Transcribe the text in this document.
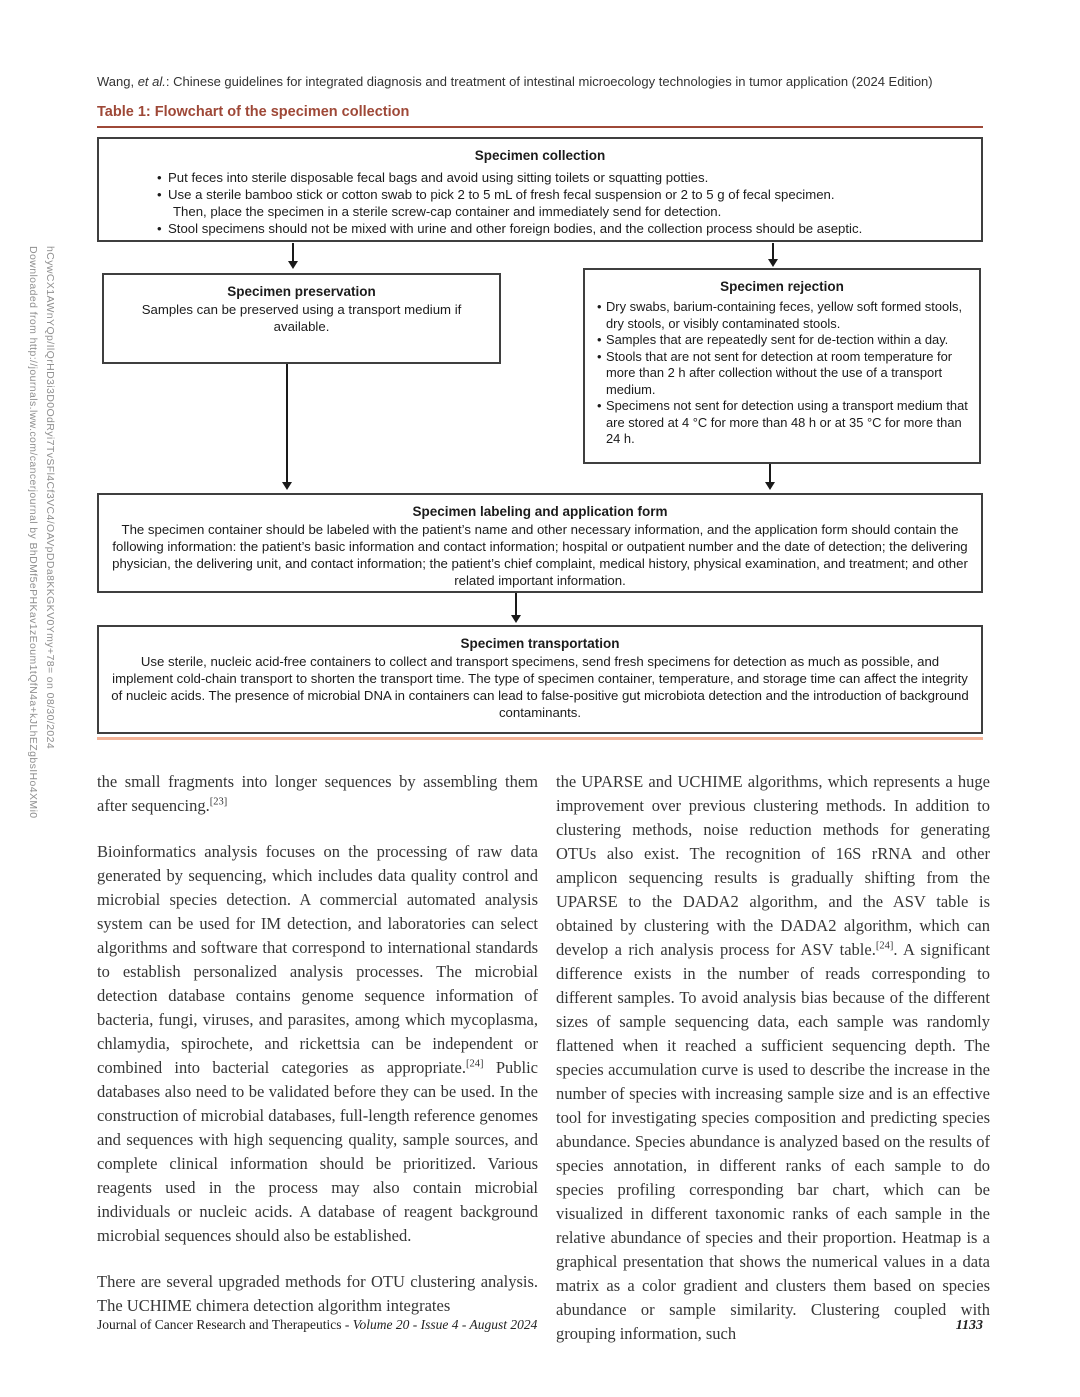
Downloaded from http://journals.lww.com/cancerjournal by BhDMf5ePHKav1zEoum1tQfN4a+kJLhEZgbsIHo4XMi0 hCywCX1AWnYQp/IlQrHD3i3D0OdRyi7TvSFl4Cf3VC4/OAVpDDa8KKGKV0Ymy+78= on 08/30/2024
Wang, et al.: Chinese guidelines for integrated diagnosis and treatment of intestinal microecology technologies in tumor application (2024 Edition)
Table 1: Flowchart of the specimen collection
Specimen collection
• Put feces into sterile disposable fecal bags and avoid using sitting toilets or squatting potties.
• Use a sterile bamboo stick or cotton swab to pick 2 to 5 mL of fresh fecal suspension or 2 to 5 g of fecal specimen.
Then, place the specimen in a sterile screw-cap container and immediately send for detection.
• Stool specimens should not be mixed with urine and other foreign bodies, and the collection process should be aseptic.
Specimen preservation
Samples can be preserved using a transport medium if available.
Specimen rejection
• Dry swabs, barium-containing feces, yellow soft formed stools, dry stools, or visibly contaminated stools.
• Samples that are repeatedly sent for de-tection within a day.
• Stools that are not sent for detection at room temperature for more than 2 h after collection without the use of a transport medium.
• Specimens not sent for detection using a transport medium that are stored at 4 °C for more than 48 h or at 35 °C for more than 24 h.
Specimen labeling and application form
The specimen container should be labeled with the patient’s name and other necessary information, and the application form should contain the following information: the patient’s basic information and contact information; hospital or outpatient number and the date of detection; the delivering physician, the delivering unit, and contact information; the patient’s chief complaint, medical history, physical examination, and treatment; and other related important information.
Specimen transportation
Use sterile, nucleic acid-free containers to collect and transport specimens, send fresh specimens for detection as much as possible, and implement cold-chain transport to shorten the transport time. The type of specimen container, temperature, and storage time can affect the integrity of nucleic acids. The presence of microbial DNA in containers can lead to false-positive gut microbiota detection and the introduction of background contaminants.

the small fragments into longer sequences by assembling them after sequencing.[23]

Bioinformatics analysis focuses on the processing of raw data generated by sequencing, which includes data quality control and microbial species detection. A commercial automated analysis system can be used for IM detection, and laboratories can select algorithms and software that correspond to international standards to establish personalized analysis processes. The microbial detection database contains genome sequence information of bacteria, fungi, viruses, and parasites, among which mycoplasma, chlamydia, spirochete, and rickettsia can be independent or combined into bacterial categories as appropriate.[24] Public databases also need to be validated before they can be used. In the construction of microbial databases, full-length reference genomes and sequences with high sequencing quality, sample sources, and complete clinical information should be prioritized. Various reagents used in the process may also contain microbial individuals or nucleic acids. A database of reagent background microbial sequences should also be established.

There are several upgraded methods for OTU clustering analysis. The UCHIME chimera detection algorithm integrates

the UPARSE and UCHIME algorithms, which represents a huge improvement over previous clustering methods. In addition to clustering methods, noise reduction methods for generating OTUs also exist. The recognition of 16S rRNA and other amplicon sequencing results is gradually shifting from the UPARSE to the DADA2 algorithm, and the ASV table is obtained by clustering with the DADA2 algorithm, which can develop a rich analysis process for ASV table.[24]. A significant difference exists in the number of reads corresponding to different samples. To avoid analysis bias because of the different sizes of sample sequencing data, each sample was randomly flattened when it reached a sufficient sequencing depth. The species accumulation curve is used to describe the increase in the number of species with increasing sample size and is an effective tool for investigating species composition and predicting species abundance. Species abundance is analyzed based on the results of species annotation, in different ranks of each sample to do species profiling corresponding bar chart, which can be visualized in different taxonomic ranks of each sample in the relative abundance of species and their proportion. Heatmap is a graphical presentation that shows the numerical values in a data matrix as a color gradient and clusters them based on species abundance or sample similarity. Clustering coupled with grouping information, such

Journal of Cancer Research and Therapeutics - Volume 20 - Issue 4 - August 2024	1133
